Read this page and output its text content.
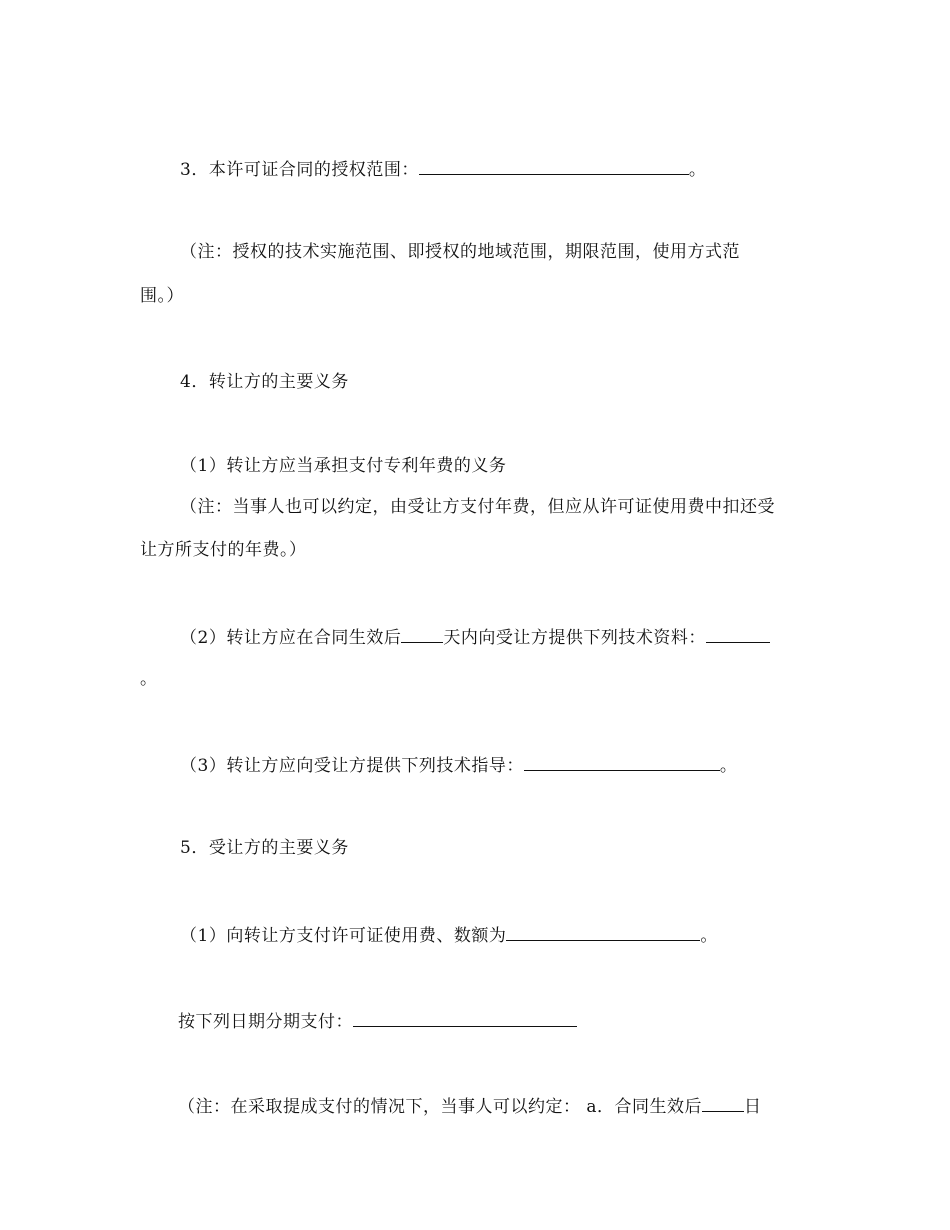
3．本许可证合同的授权范围：	。
（注：授权的技术实施范围、即授权的地域范围，期限范围，使用方式范
围。）
4．转让方的主要义务
（1）转让方应当承担支付专利年费的义务
（注：当事人也可以约定，由受让方支付年费，但应从许可证使用费中扣还受
让方所支付的年费。）
（2）转让方应在合同生效后 天内向受让方提供下列技术资料：
。
（3）转让方应向受让方提供下列技术指导：	。
5．受让方的主要义务
（1）向转让方支付许可证使用费、数额为	。
按下列日期分期支付：
（注：在采取提成支付的情况下，当事人可以约定： a．合同生效后 日
